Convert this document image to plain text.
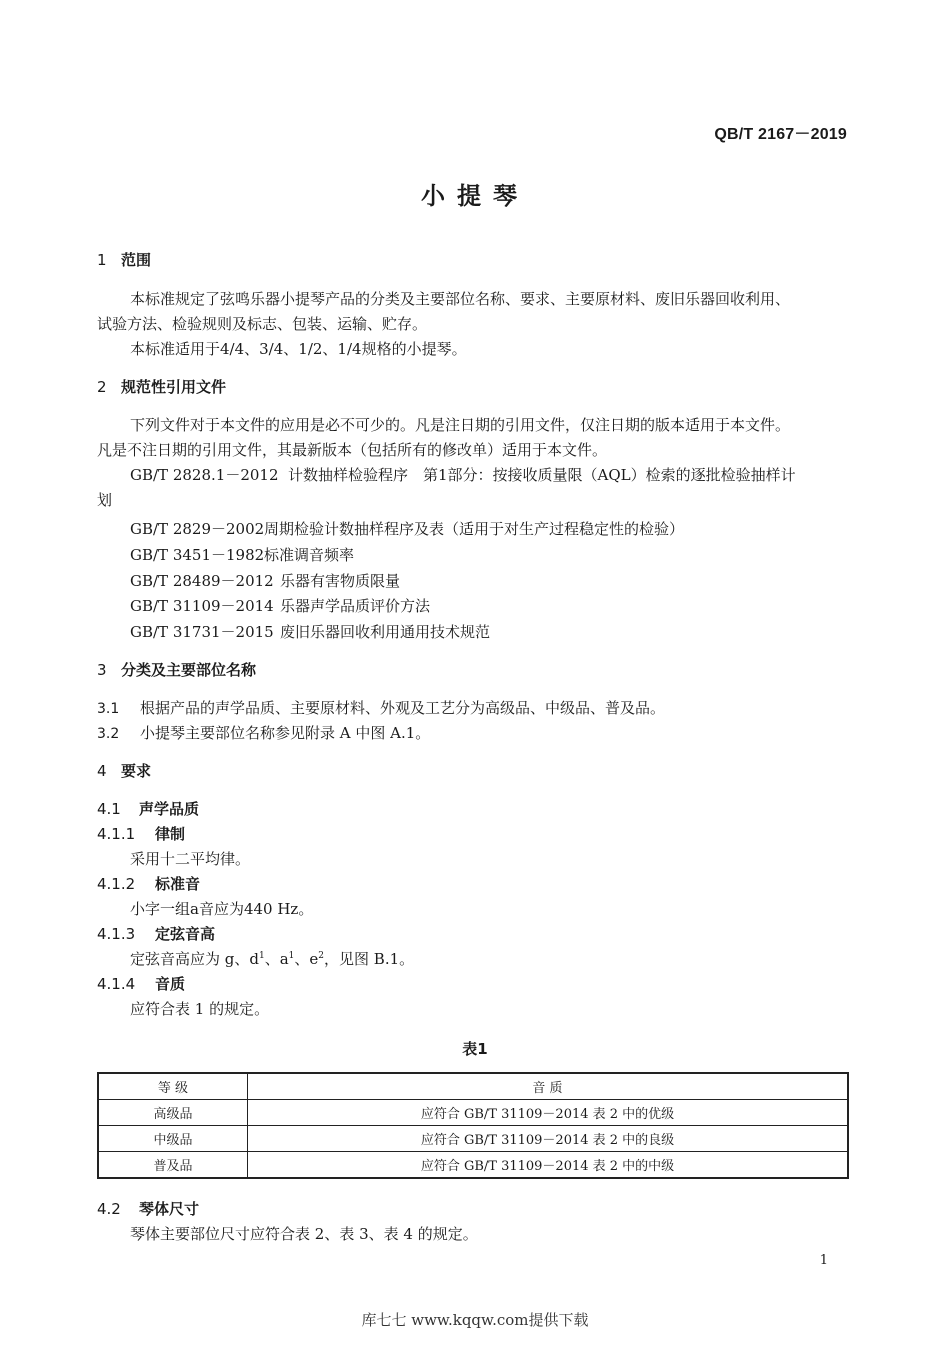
QB/T 2167－2019
小提琴
1 范围
本标准规定了弦鸣乐器小提琴产品的分类及主要部位名称、要求、主要原材料、废旧乐器回收利用、
试验方法、检验规则及标志、包装、运输、贮存。
本标准适用于4/4、3/4、1/2、1/4规格的小提琴。
2 规范性引用文件
下列文件对于本文件的应用是必不可少的。凡是注日期的引用文件，仅注日期的版本适用于本文件。
凡是不注日期的引用文件，其最新版本（包括所有的修改单）适用于本文件。
GB/T 2828.1－2012 计数抽样检验程序　第1部分：按接收质量限（AQL）检索的逐批检验抽样计
划
GB/T 2829－2002周期检验计数抽样程序及表（适用于对生产过程稳定性的检验）
GB/T 3451－1982标准调音频率
GB/T 28489－2012 乐器有害物质限量
GB/T 31109－2014 乐器声学品质评价方法
GB/T 31731－2015 废旧乐器回收利用通用技术规范
3 分类及主要部位名称
3.1 根据产品的声学品质、主要原材料、外观及工艺分为高级品、中级品、普及品。
3.2 小提琴主要部位名称参见附录 A 中图 A.1。
4 要求
4.1 声学品质
4.1.1 律制
采用十二平均律。
4.1.2 标准音
小字一组a音应为440 Hz。
4.1.3 定弦音高
定弦音高应为 g、$d^1$、$a^1$、$e^2$，见图 B.1。
4.1.4 音质
应符合表 1 的规定。
表1
等 级	音 质
高级品	应符合 GB/T 31109－2014 表 2 中的优级
中级品	应符合 GB/T 31109－2014 表 2 中的良级
普及品	应符合 GB/T 31109－2014 表 2 中的中级
4.2 琴体尺寸
琴体主要部位尺寸应符合表 2、表 3、表 4 的规定。
1
库七七 www.kqqw.com提供下载
